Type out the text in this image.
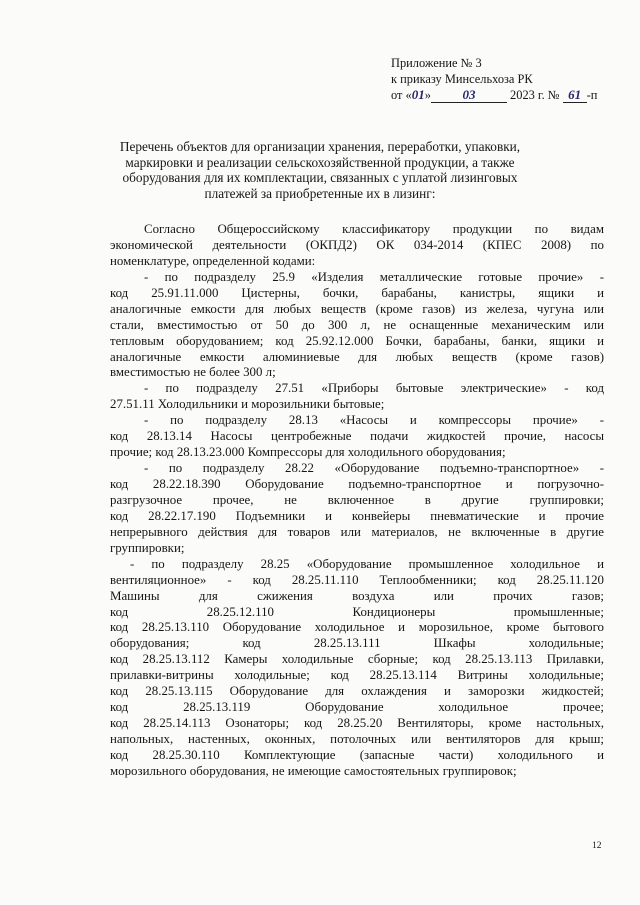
Приложение № 3
к приказу Минсельхоза РК
от «01» 03	2023 г. № 61 -п
Перечень объектов для организации хранения, переработки, упаковки,
маркировки и реализации сельскохозяйственной продукции, а также
оборудования для их комплектации, связанных с уплатой лизинговых
платежей за приобретенные их в лизинг:
Согласно Общероссийскому классификатору продукции по видам
экономической деятельности (ОКПД2) ОК 034-2014 (КПЕС 2008) по
номенклатуре, определенной кодами:
- по подразделу 25.9 «Изделия металлические готовые прочие» -
код 25.91.11.000 Цистерны, бочки, барабаны, канистры, ящики и
аналогичные емкости для любых веществ (кроме газов) из железа, чугуна или
стали, вместимостью от 50 до 300 л, не оснащенные механическим или
тепловым оборудованием; код 25.92.12.000 Бочки, барабаны, банки, ящики и
аналогичные емкости алюминиевые для любых веществ (кроме газов)
вместимостью не более 300 л;
- по подразделу 27.51 «Приборы бытовые электрические» - код
27.51.11 Холодильники и морозильники бытовые;
- по подразделу 28.13 «Насосы и компрессоры прочие» -
код 28.13.14 Насосы центробежные подачи жидкостей прочие, насосы
прочие; код 28.13.23.000 Компрессоры для холодильного оборудования;
- по подразделу 28.22 «Оборудование подъемно-транспортное» -
код 28.22.18.390 Оборудование подъемно-транспортное и погрузочно-
разгрузочное прочее, не включенное в другие группировки;
код 28.22.17.190 Подъемники и конвейеры пневматические и прочие
непрерывного действия для товаров или материалов, не включенные в другие
группировки;
- по подразделу 28.25 «Оборудование промышленное холодильное и
вентиляционное» - код 28.25.11.110 Теплообменники; код 28.25.11.120
Машины для сжижения воздуха или прочих газов;
код 28.25.12.110 Кондиционеры промышленные;
код 28.25.13.110 Оборудование холодильное и морозильное, кроме бытового
оборудования; код 28.25.13.111 Шкафы холодильные;
код 28.25.13.112 Камеры холодильные сборные; код 28.25.13.113 Прилавки,
прилавки-витрины холодильные; код 28.25.13.114 Витрины холодильные;
код 28.25.13.115 Оборудование для охлаждения и заморозки жидкостей;
код 28.25.13.119 Оборудование холодильное прочее;
код 28.25.14.113 Озонаторы; код 28.25.20 Вентиляторы, кроме настольных,
напольных, настенных, оконных, потолочных или вентиляторов для крыш;
код 28.25.30.110 Комплектующие (запасные части) холодильного и
морозильного оборудования, не имеющие самостоятельных группировок;
12
